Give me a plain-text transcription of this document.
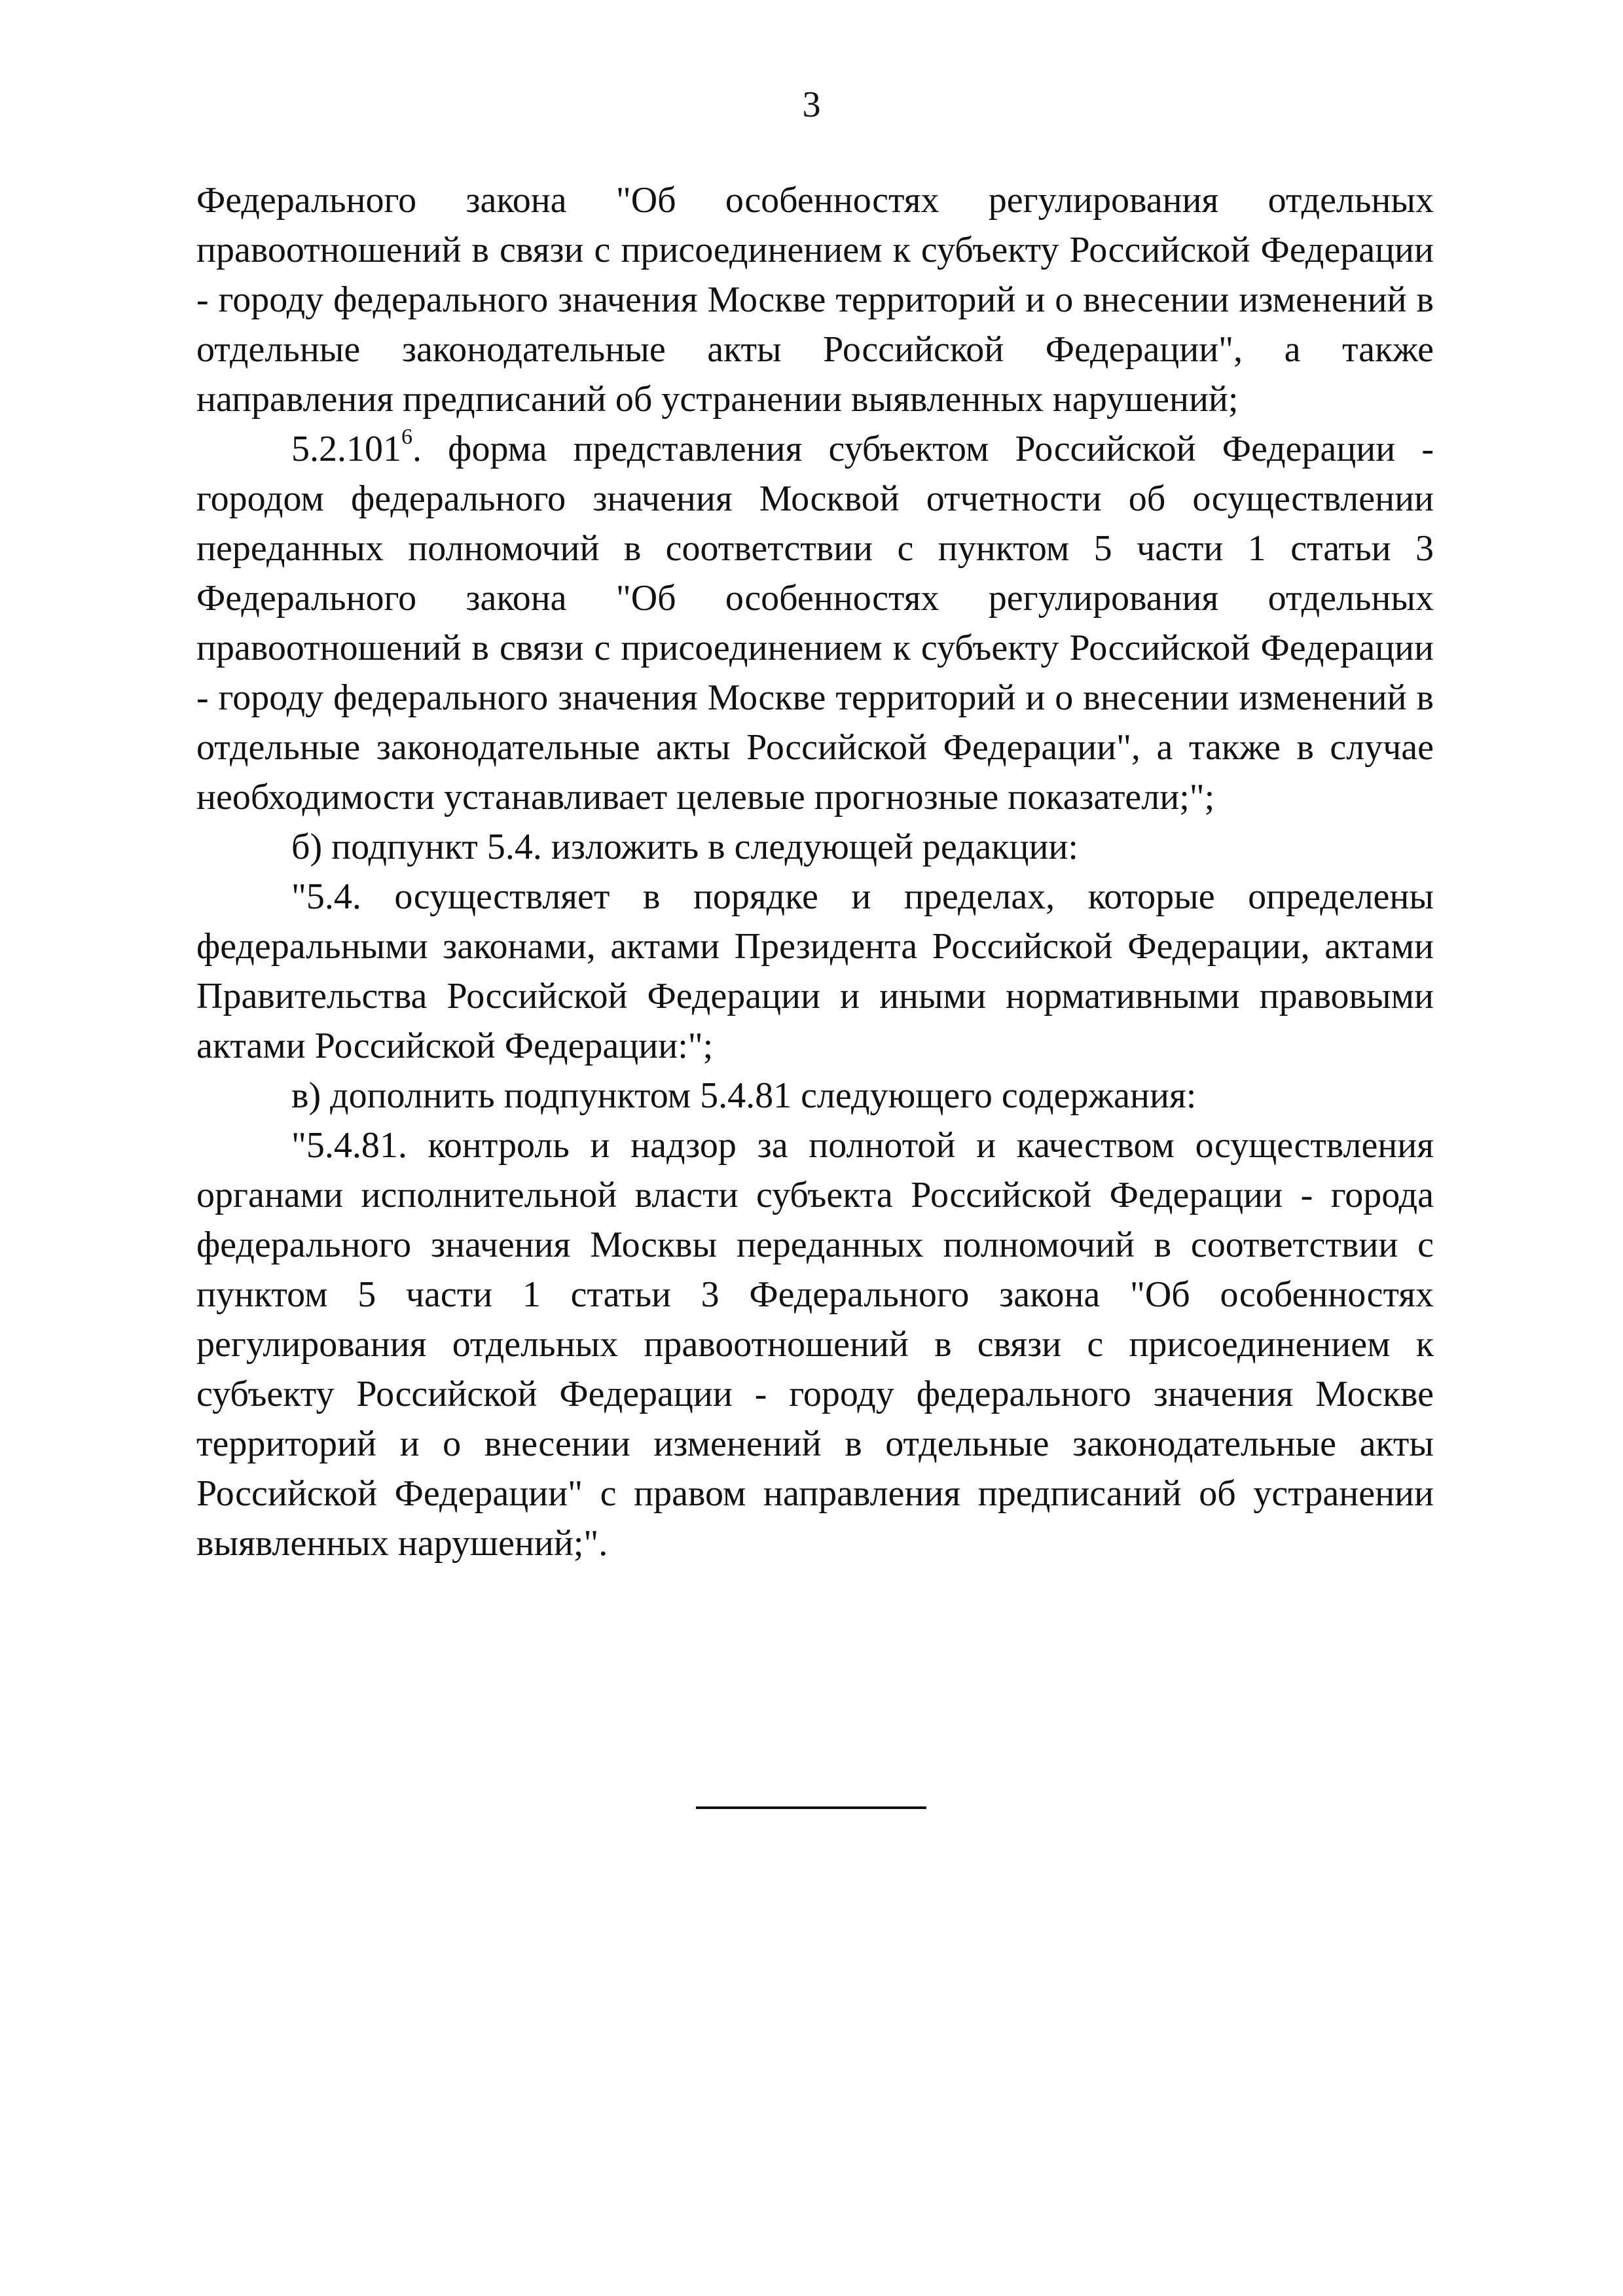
3

Федерального закона "Об особенностях регулирования отдельных правоотношений в связи с присоединением к субъекту Российской Федерации - городу федерального значения Москве территорий и о внесении изменений в отдельные законодательные акты Российской Федерации", а также направления предписаний об устранении выявленных нарушений;

5.2.101$^6$. форма представления субъектом Российской Федерации - городом федерального значения Москвой отчетности об осуществлении переданных полномочий в соответствии с пунктом 5 части 1 статьи 3 Федерального закона "Об особенностях регулирования отдельных правоотношений в связи с присоединением к субъекту Российской Федерации - городу федерального значения Москве территорий и о внесении изменений в отдельные законодательные акты Российской Федерации", а также в случае необходимости устанавливает целевые прогнозные показатели;";

б) подпункт 5.4. изложить в следующей редакции:

"5.4. осуществляет в порядке и пределах, которые определены федеральными законами, актами Президента Российской Федерации, актами Правительства Российской Федерации и иными нормативными правовыми актами Российской Федерации:";

в) дополнить подпунктом 5.4.81 следующего содержания:

"5.4.81. контроль и надзор за полнотой и качеством осуществления органами исполнительной власти субъекта Российской Федерации - города федерального значения Москвы переданных полномочий в соответствии с пунктом 5 части 1 статьи 3 Федерального закона "Об особенностях регулирования отдельных правоотношений в связи с присоединением к субъекту Российской Федерации - городу федерального значения Москве территорий и о внесении изменений в отдельные законодательные акты Российской Федерации" с правом направления предписаний об устранении выявленных нарушений;".
